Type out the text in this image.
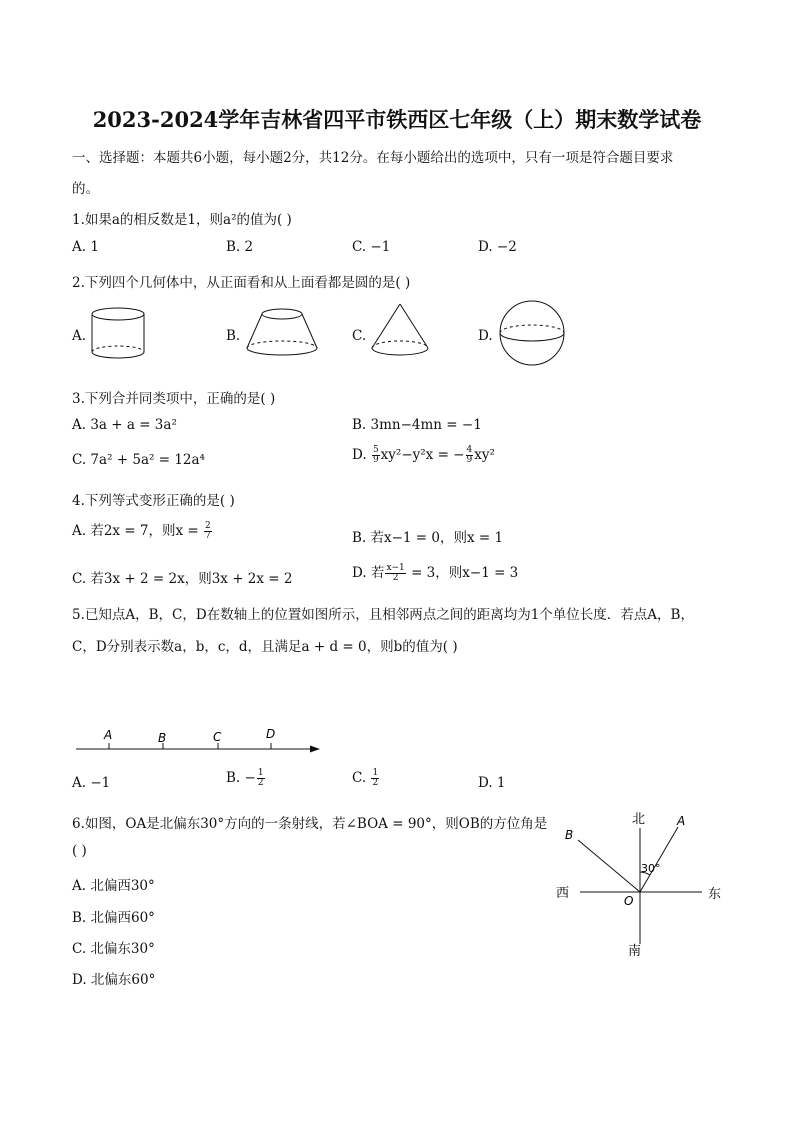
2023-2024学年吉林省四平市铁西区七年级（上）期末数学试卷
一、选择题：本题共6小题，每小题2分，共12分。在每小题给出的选项中，只有一项是符合题目要求
的。
1.如果a的相反数是1，则a²的值为( )
A. 1	B. 2	C. −1	D. −2
2.下列四个几何体中，从正面看和从上面看都是圆的是( )
A.	B.	C.	D.
3.下列合并同类项中，正确的是( )
A. 3a + a = 3a²	B. 3mn−4mn = −1
C. 7a² + 5a² = 12a⁴	D. $\frac{5}{9} xy^2-y^2x$ = − $\frac{4}{9} xy^2$
4.下列等式变形正确的是( )
A. 若2x = 7，则$x = \frac{2}{7}$	B. 若x−1 = 0，则x = 1
C. 若3x + 2 = 2x，则3x + 2x = 2	D. 若 $\frac{x-1}{2} = 3$，则x−1 = 3
5.已知点A，B，C，D在数轴上的位置如图所示，且相邻两点之间的距离均为1个单位长度．若点A，B，
C，D分别表示数a，b，c，d，且满足a + d = 0，则b的值为( )
A	B	C	D
A. −1	B. − $\frac{1}{2}$	C. $\frac{1}{2}$	D. 1
6.如图，OA是北偏东30°方向的一条射线，若∠BOA = 90°，则OB的方位角是
( )
A. 北偏西30°
B. 北偏西60°
C. 北偏东30°
D. 北偏东60°
北
南
西	东
O
A
B
30°
